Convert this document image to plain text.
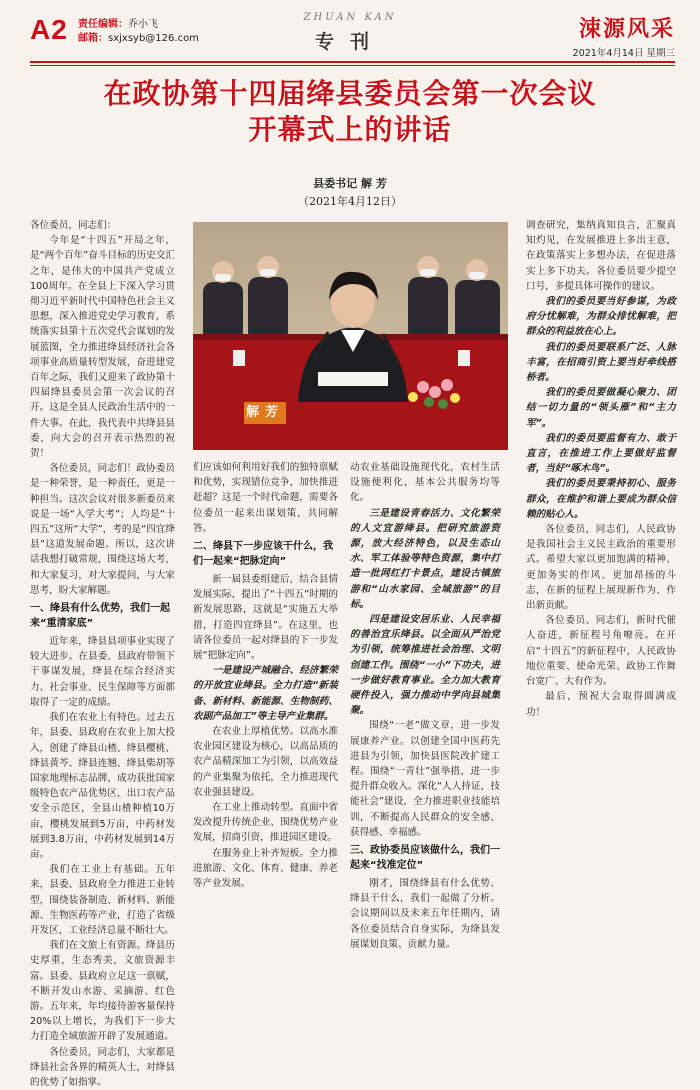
A2 责任编辑：乔小飞
邮箱：sxjxsyb@126.com
ZHUAN KAN
专刊	涑源风采
2021年4月14日 星期三
在政协第十四届绛县委员会第一次会议
开幕式上的讲话
县委书记 解 芳
（2021年4月12日）

各位委员，同志们：

今年是“十四五”开局之年，是“两个百年”奋斗目标的历史交汇之年，是伟大的中国共产党成立100周年。在全县上下深入学习贯彻习近平新时代中国特色社会主义思想，深入推进党史学习教育，系统落实县第十五次党代会谋划的发展蓝图，全力推进绛县经济社会各项事业高质量转型发展，奋进建党百年之际，我们又迎来了政协第十四届绛县委员会第一次会议的召开。这是全县人民政治生活中的一件大事。在此，我代表中共绛县县委，向大会的召开表示热烈的祝贺！

各位委员，同志们！政协委员是一种荣誉，是一种责任，更是一种担当。这次会议对很多新委员来说是一场“入学大考”；人均是“十四五”这所“大学”，考的是“四宜绛县”这道发展命题。所以，这次讲话我想打破常规，围绕这场大考，和大家复习，对大家提问，与大家思考，盼大家解题。

一、绛县有什么优势，我们一起来“重清家底”

近年来，绛县县项事业实现了较大进步。在县委、县政府带领下干事谋发展，绛县在综合经济实力、社会事业、民生保障等方面都取得了一定的成绩。

我们在农业上有特色。过去五年，县委、县政府在农业上加大投入，创建了绛县山楂、绛县樱桃、绛县黄芩、绛县连翘、绛县柴胡等国家地理标志品牌，成功获批国家级特色农产品优势区，出口农产品安全示范区，全县山楂种植10万亩，樱桃发展到5万亩，中药材发展到3.8万亩，中药材发展到14万亩。

我们在工业上有基础。五年来，县委、县政府全力推进工业转型，围绕装备制造、新材料、新能源、生物医药等产业，打造了省级开发区，工业经济总量不断壮大。

我们在文旅上有资源。绛县历史厚重，生态秀美，文旅资源丰富。县委、县政府立足这一禀赋，不断开发山水游、采摘游、红色游。五年来，年均接待游客量保持20%以上增长，为我们下一步大力打造全域旅游开辟了发展通道。

各位委员，同志们，大家都是绛县社会各界的精英人士，对绛县的优势了如指掌。

解芳

们应该如何利用好我们的独特禀赋和优势，实现错位竞争，加快推进赶超？这是一个时代命题，需要各位委员一起来出谋划策，共同解答。

二、绛县下一步应该干什么，我们一起来“把脉定向”

新一届县委组建后，结合县情发展实际，提出了“十四五”时期的新发展思路，这就是“实施五大举措，打造四宜绛县”。在这里，也请各位委员一起对绛县的下一步发展“把脉定向”。

一是建设产城融合、经济繁荣的开放宜业绛县。全力打造“新装备、新材料、新能源、生物制药、农副产品加工”等主导产业集群。

在农业上厚植优势。以高水准农业园区建设为核心，以高品质的农产品精深加工为引领，以高效益的产业集聚为依托，全力推进现代农业强县建设。

在工业上推动转型。直面中省发改提升传统企业、围绕优势产业发展，招商引资，推进园区建设。

在服务业上补齐短板。全力推进旅游、文化、体育、健康、养老等产业发展。

动农业基础设施现代化，农村生活设施便利化，基本公共服务均等化。

三是建设青春活力、文化繁荣的人文宜游绛县。把研究旅游资源，放大经济特色，以及生态山水、军工体验等特色资源，集中打造一批网红打卡景点，建设古镇旅游和“山水家园、全域旅游”的目标。

四是建设安居乐业、人民幸福的善治宜乐绛县。以全面从严治党为引领，统筹推进社会治理、文明创建工作。围绕“一小”下功夫，进一步做好教育事业。全力加大教育硬件投入，强力推动中学向县城集聚。

围绕“一老”做文章，进一步发展康养产业。以创建全国中医药先进县为引领，加快县医院改扩建工程。围绕“一青壮”强举措，进一步提升群众收入。深化“人人持证，技能社会”建设，全力推进职业技能培训，不断提高人民群众的安全感、获得感、幸福感。

三、政协委员应该做什么，我们一起来“找准定位”

刚才，围绕绛县有什么优势、绛县干什么，我们一起做了分析。会议期间以及未来五年任期内，请各位委员结合自身实际，为绛县发展谋划良策、贡献力量。

调查研究，集纳真知良言，汇聚真知灼见，在发展推进上多出主意，在政策落实上多想办法，在促进落实上多下功夫。各位委员要少提空口号，多提具体可操作的建议。

我们的委员要当好参谋，为政府分忧解难，为群众排忧解难，把群众的利益放在心上。

我们的委员要联系广泛、人脉丰富，在招商引资上要当好牵线搭桥者。

我们的委员要做凝心聚力、团结一切力量的“领头雁”和“主力军”。

我们的委员要监督有力、敢于直言，在推进工作上要做好监督者，当好“啄木鸟”。

我们的委员要秉持初心、服务群众，在维护和谐上要成为群众信赖的贴心人。

各位委员，同志们，人民政协是我国社会主义民主政治的重要形式。希望大家以更加饱满的精神、更加务实的作风、更加昂扬的斗志，在新的征程上展现新作为、作出新贡献。

各位委员、同志们，新时代催人奋进，新征程号角嘹亮。在开启“十四五”的新征程中，人民政协地位重要、使命光荣、政协工作舞台宽广、大有作为。

最后，预祝大会取得圆满成功！
